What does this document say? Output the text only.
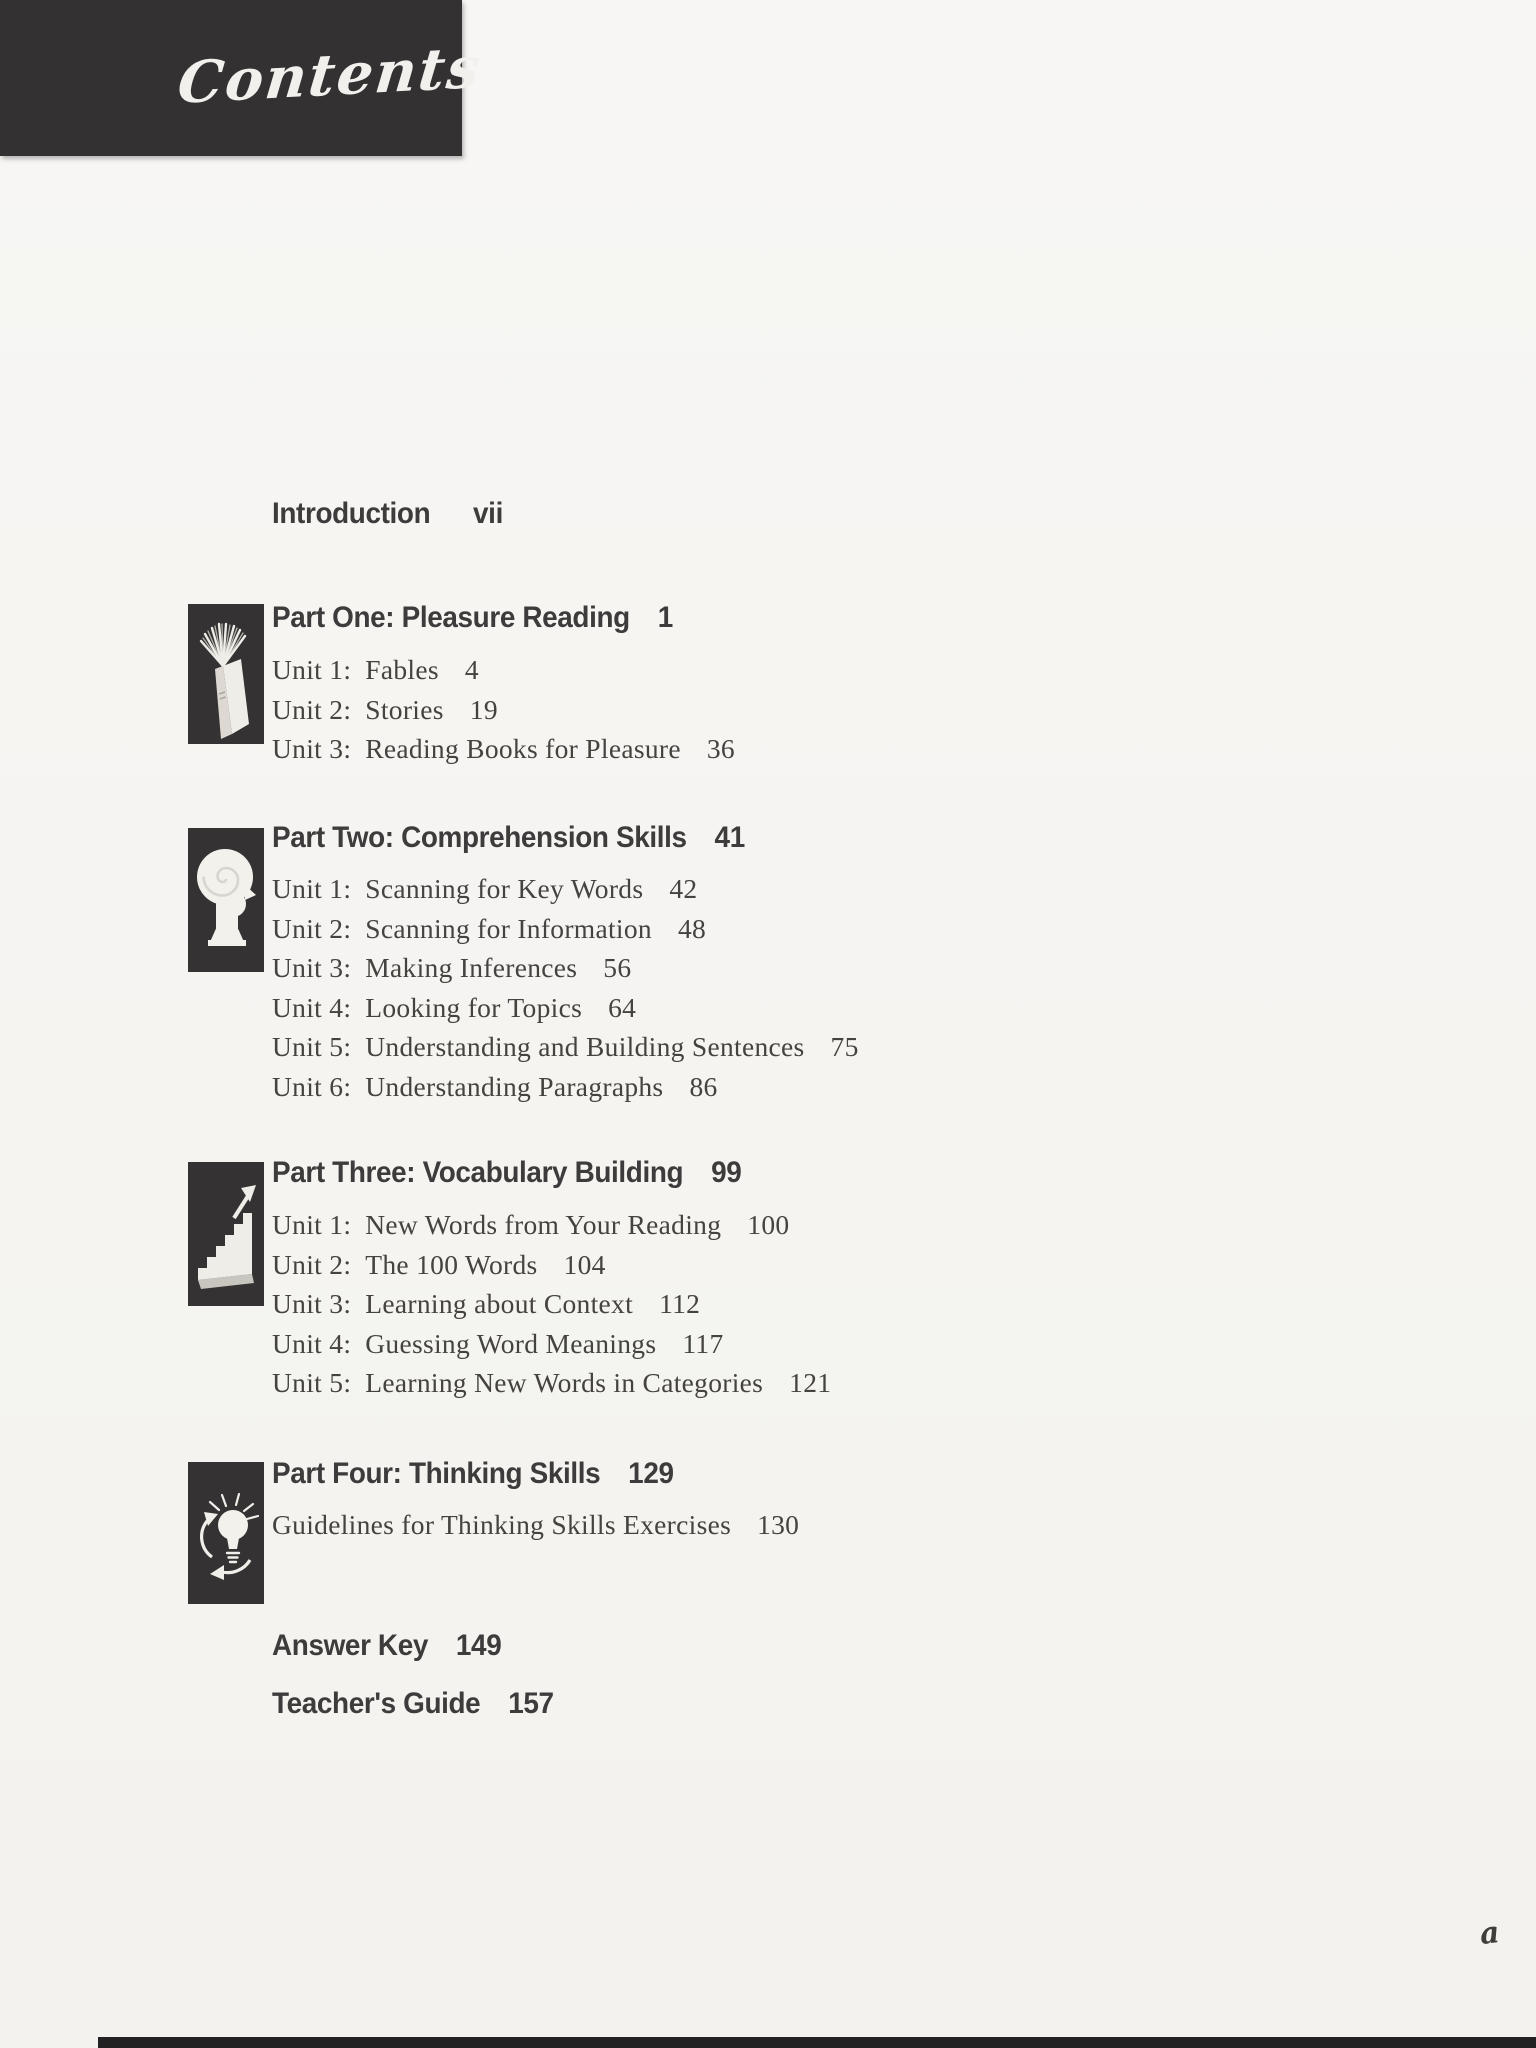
Contents
Introduction vii
Part One: Pleasure Reading 1
Unit 1: Fables 4
Unit 2: Stories 19
Unit 3: Reading Books for Pleasure 36
Part Two: Comprehension Skills 41
Unit 1: Scanning for Key Words 42
Unit 2: Scanning for Information 48
Unit 3: Making Inferences 56
Unit 4: Looking for Topics 64
Unit 5: Understanding and Building Sentences 75
Unit 6: Understanding Paragraphs 86
Part Three: Vocabulary Building 99
Unit 1: New Words from Your Reading 100
Unit 2: The 100 Words 104
Unit 3: Learning about Context 112
Unit 4: Guessing Word Meanings 117
Unit 5: Learning New Words in Categories 121
Part Four: Thinking Skills 129
Guidelines for Thinking Skills Exercises 130
Answer Key 149
Teacher's Guide 157
a
